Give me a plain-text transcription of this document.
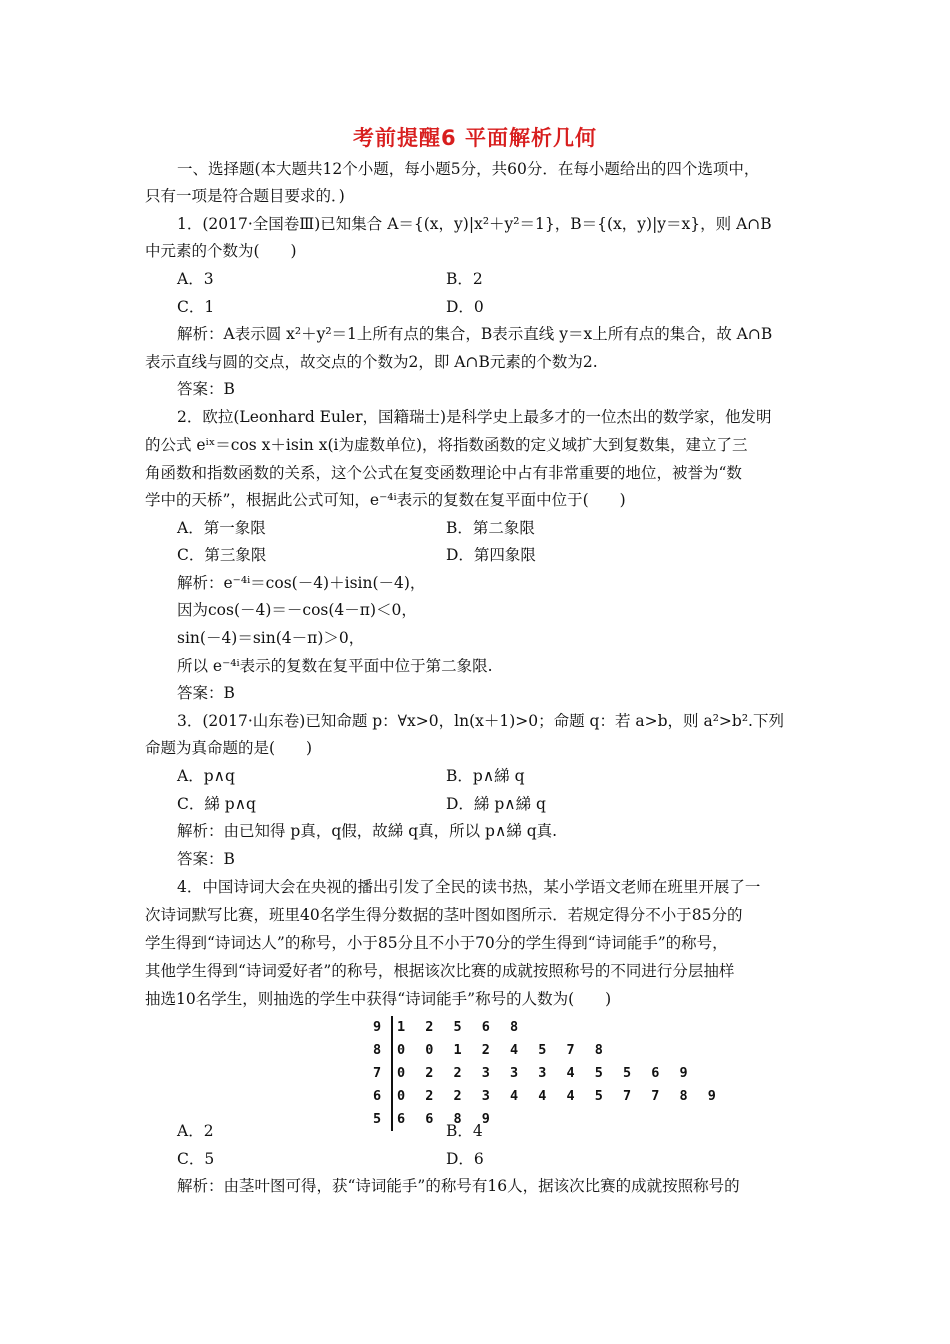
考前提醒6 平面解析几何
一、选择题(本大题共12个小题，每小题5分，共60分．在每小题给出的四个选项中，
只有一项是符合题目要求的．)
1．(2017·全国卷Ⅲ)已知集合 A＝{(x，y)|x²＋y²＝1}，B＝{(x，y)|y＝x}，则 A∩B
中元素的个数为(　　)
A．3	B．2
C．1	D．0
解析：A表示圆 x²＋y²＝1上所有点的集合，B表示直线 y＝x上所有点的集合，故 A∩B
表示直线与圆的交点，故交点的个数为2，即 A∩B元素的个数为2.
答案：B
2．欧拉(Leonhard Euler，国籍瑞士)是科学史上最多才的一位杰出的数学家，他发明
的公式 eⁱˣ＝cos x＋isin x(i为虚数单位)，将指数函数的定义域扩大到复数集，建立了三
角函数和指数函数的关系，这个公式在复变函数理论中占有非常重要的地位，被誉为“数
学中的天桥”，根据此公式可知，e⁻⁴ⁱ表示的复数在复平面中位于(　　)
A．第一象限	B．第二象限
C．第三象限	D．第四象限
解析：e⁻⁴ⁱ＝cos(－4)＋isin(－4)，
因为cos(－4)＝－cos(4－π)＜0，
sin(－4)＝sin(4－π)＞0，
所以 e⁻⁴ⁱ表示的复数在复平面中位于第二象限.
答案：B
3．(2017·山东卷)已知命题 p：∀x>0，ln(x＋1)>0；命题 q：若 a>b，则 a²>b².下列
命题为真命题的是(　　)
A．p∧q	B．p∧綈 q
C．綈 p∧q	D．綈 p∧綈 q
解析：由已知得 p真，q假，故綈 q真，所以 p∧綈 q真.
答案：B
4．中国诗词大会在央视的播出引发了全民的读书热，某小学语文老师在班里开展了一
次诗词默写比赛，班里40名学生得分数据的茎叶图如图所示．若规定得分不小于85分的
学生得到“诗词达人”的称号，小于85分且不小于70分的学生得到“诗词能手”的称号，
其他学生得到“诗词爱好者”的称号，根据该次比赛的成就按照称号的不同进行分层抽样
抽选10名学生，则抽选的学生中获得“诗词能手”称号的人数为(　　)
A．2	B．4
C．5	D．6
解析：由茎叶图可得，获“诗词能手”的称号有16人，据该次比赛的成就按照称号的
9	1 2 5 6 8
8	0 0 1 2 4 5 7 8
7	0 2 2 3 3 3 4 5 5 6 9
6	0 2 2 3 4 4 4 5 7 7 8 9
5	6 6 8 9
